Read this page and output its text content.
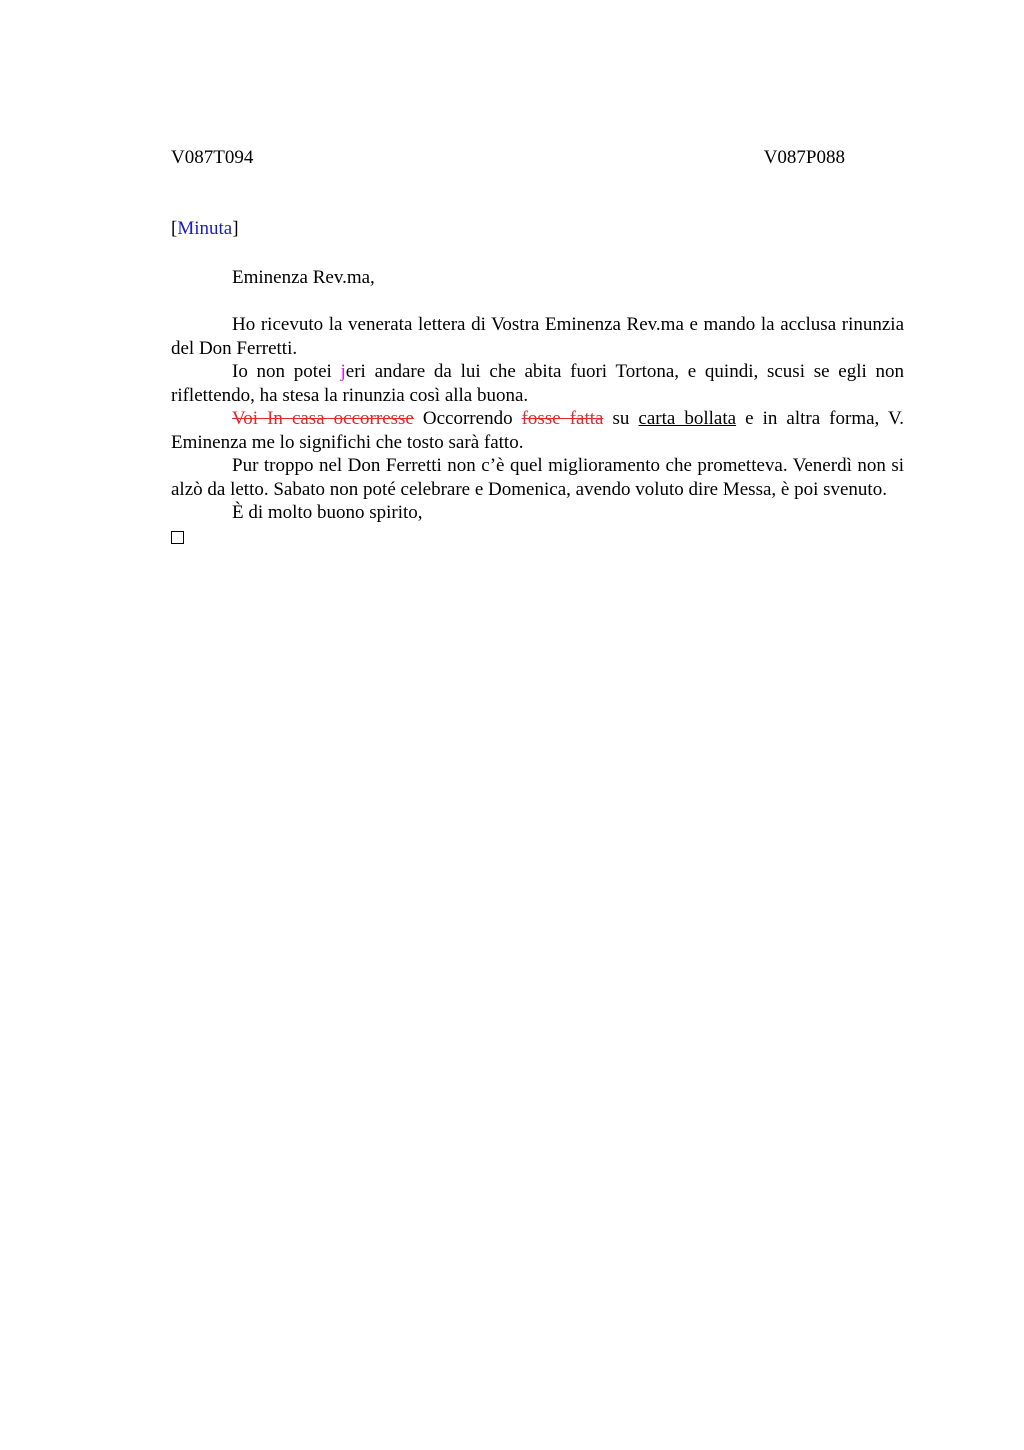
V087T094	V087P088
[Minuta]
Eminenza Rev.ma,

Ho ricevuto la venerata lettera di Vostra Eminenza Rev.ma e mando la acclusa rinunzia del Don Ferretti.

Io non potei jeri andare da lui che abita fuori Tortona, e quindi, scusi se egli non riflettendo, ha stesa la rinunzia così alla buona.

Voi In casa occorresse Occorrendo fosse fatta su carta bollata e in altra forma, V. Eminenza me lo significhi che tosto sarà fatto.

Pur troppo nel Don Ferretti non c’è quel miglioramento che prometteva. Venerdì non si alzò da letto. Sabato non poté celebrare e Domenica, avendo voluto dire Messa, è poi svenuto.

È di molto buono spirito,
